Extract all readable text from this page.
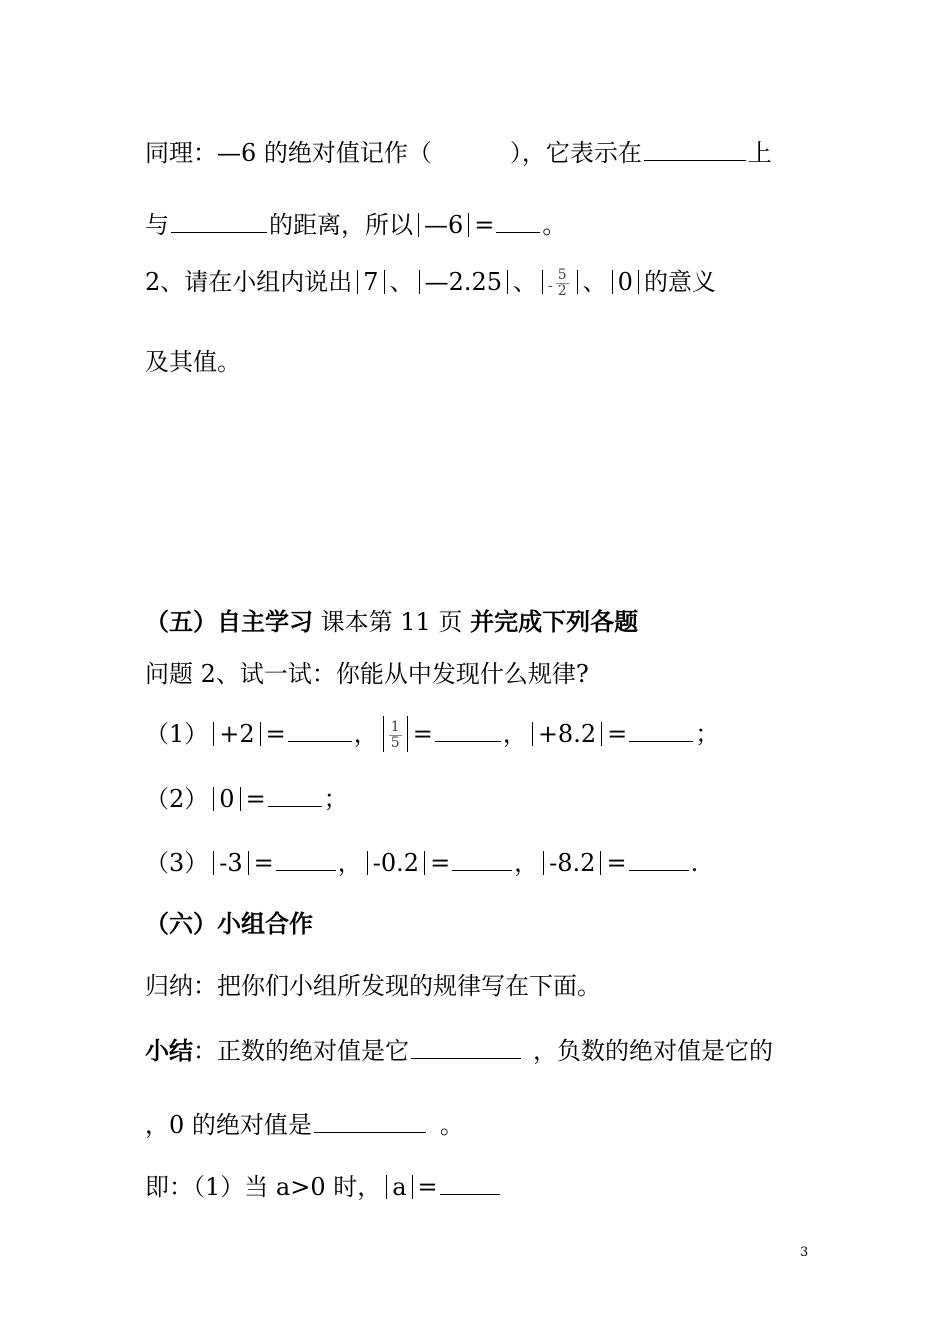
同理：—6 的绝对值记作（	），它表示在	上
与	的距离，所以 —6 = 。
2、请在小组内说出 7 、 —2.25 、 - $\frac{5}{2}$ 、 0 的意义
及其值。
（五）自主学习 课本第 11 页 并完成下列各题
问题 2、试一试：你能从中发现什么规律?
（1） +2 =	， $\frac{1}{5}$ =	， +8.2 =	；
（2） 0 = ；
（3） -3 =	， -0.2 =	， -8.2 =	.
（六）小组合作
归纳：把你们小组所发现的规律写在下面。
小结：正数的绝对值是它	，负数的绝对值是它的
，0 的绝对值是	。
即：（1）当 a>0 时， a =
3
